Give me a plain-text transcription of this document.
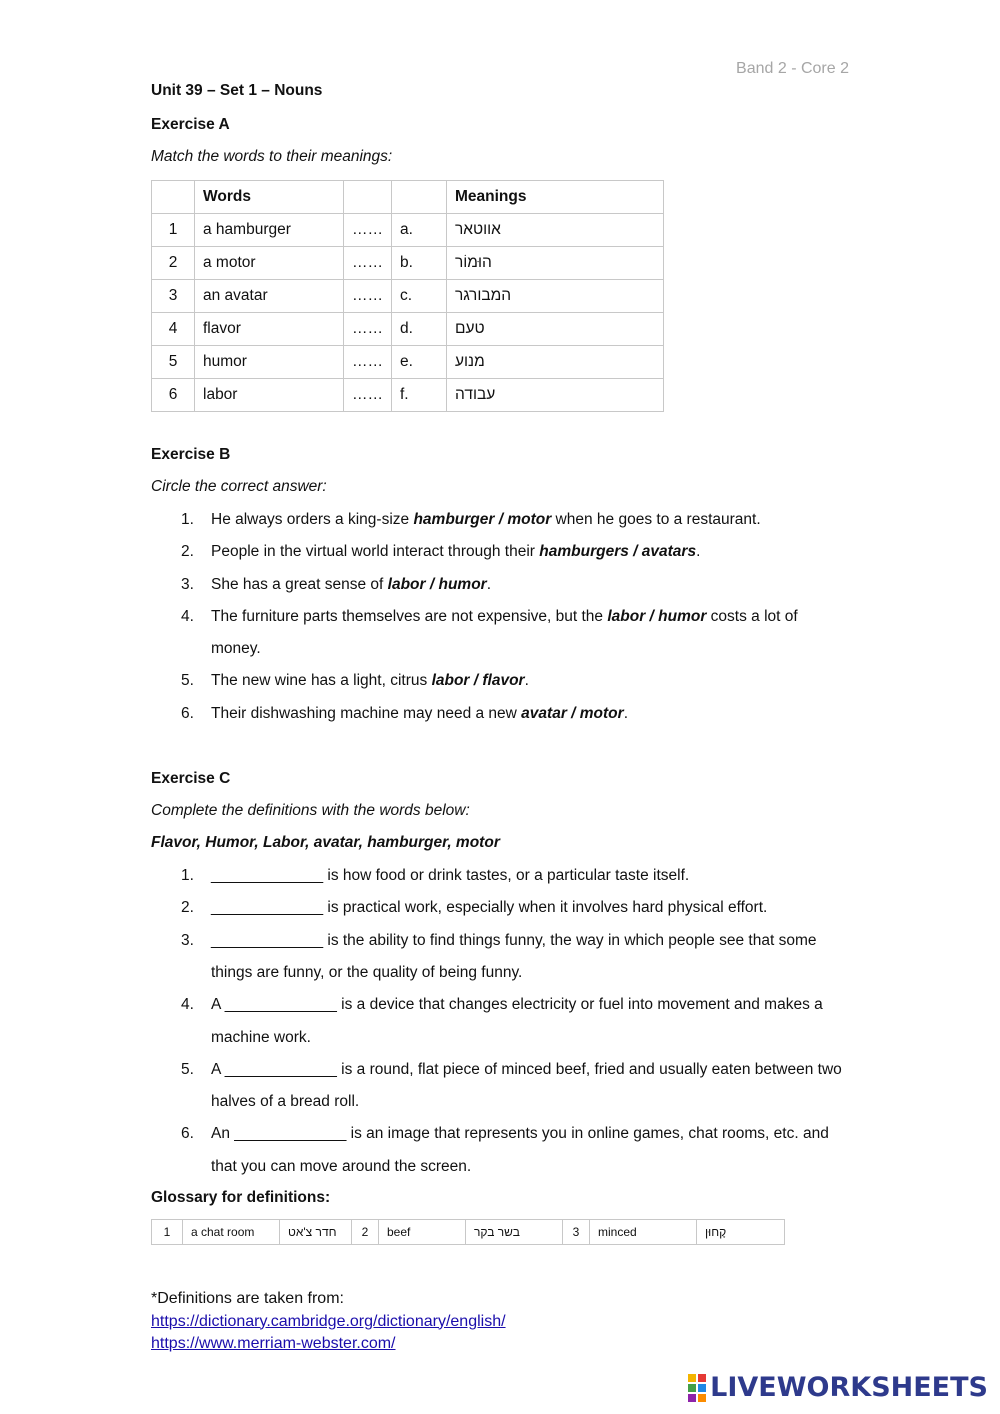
Band 2 - Core 2
Unit 39 – Set 1 – Nouns
Exercise A
Match the words to their meanings:
	Words			Meanings
1	a hamburger	……	a.	אווטאר
2	a motor	……	b.	הוּמוֹר
3	an avatar	……	c.	המבורגר
4	flavor	……	d.	טעם
5	humor	……	e.	מנוע
6	labor	……	f.	עבודה
Exercise B
Circle the correct answer:
1. He always orders a king-size hamburger / motor when he goes to a restaurant.
2. People in the virtual world interact through their hamburgers / avatars.
3. She has a great sense of labor / humor.
4. The furniture parts themselves are not expensive, but the labor / humor costs a lot of money.
5. The new wine has a light, citrus labor / flavor.
6. Their dishwashing machine may need a new avatar / motor.
Exercise C
Complete the definitions with the words below:
Flavor, Humor, Labor, avatar, hamburger, motor
1. _____________ is how food or drink tastes, or a particular taste itself.
2. _____________ is practical work, especially when it involves hard physical effort.
3. _____________ is the ability to find things funny, the way in which people see that some things are funny, or the quality of being funny.
4. A _____________ is a device that changes electricity or fuel into movement and makes a machine work.
5. A _____________ is a round, flat piece of minced beef, fried and usually eaten between two halves of a bread roll.
6. An _____________ is an image that represents you in online games, chat rooms, etc. and that you can move around the screen.
Glossary for definitions:
1	a chat room	חדר צ'אט	2	beef	בשר בקר	3	minced	קָחוּן
*Definitions are taken from:
https://dictionary.cambridge.org/dictionary/english/
https://www.merriam-webster.com/
LIVEWORKSHEETS
